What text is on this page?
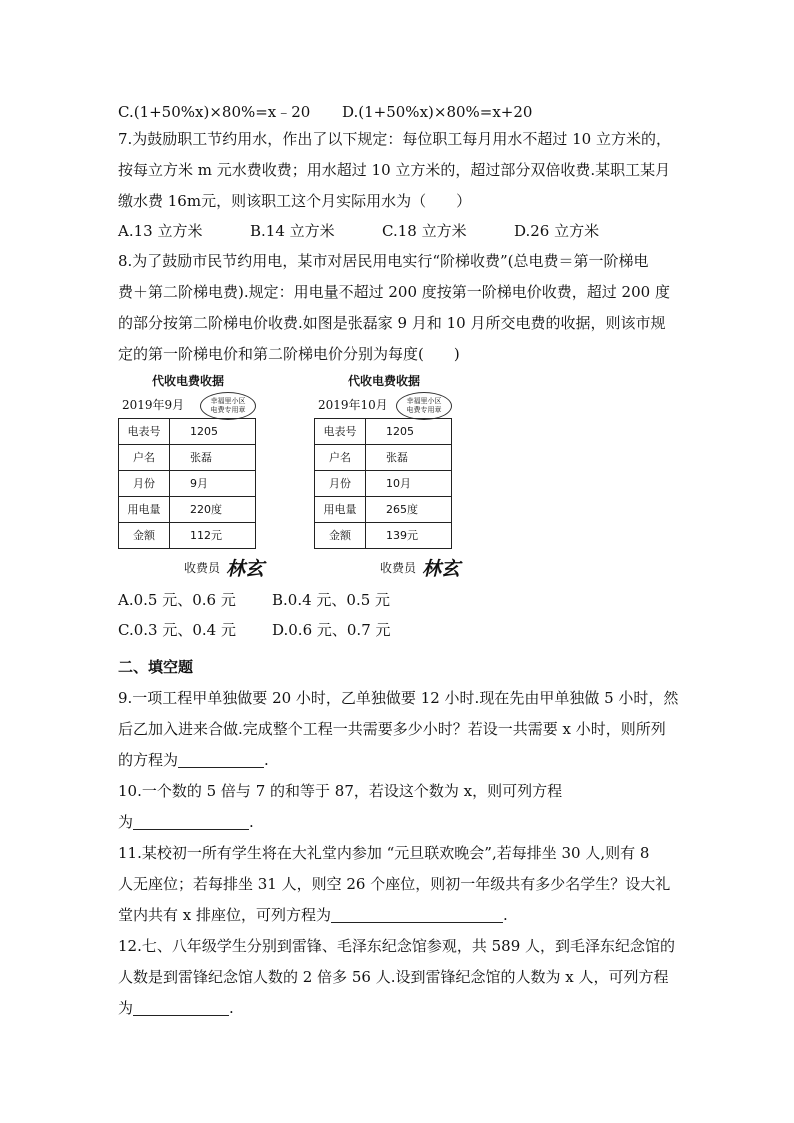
C.(1+50%x)×80%=x﹣20 D.(1+50%x)×80%=x+20
7.为鼓励职工节约用水，作出了以下规定：每位职工每月用水不超过 10 立方米的，
按每立方米 m 元水费收费；用水超过 10 立方米的，超过部分双倍收费.某职工某月
缴水费 16m元，则该职工这个月实际用水为（　　）
A.13 立方米	B.14 立方米	C.18 立方米	D.26 立方米
8.为了鼓励市民节约用电，某市对居民用电实行“阶梯收费”(总电费＝第一阶梯电
费＋第二阶梯电费).规定：用电量不超过 200 度按第一阶梯电价收费，超过 200 度
的部分按第二阶梯电价收费.如图是张磊家 9 月和 10 月所交电费的收据，则该市规
定的第一阶梯电价和第二阶梯电价分别为每度(　　)
代收电费收据
2019年9月	幸福里小区
电费专用章
电表号	1205
户名	张磊
月份	9月
用电量	220度
金额	112元
收费员 林玄
代收电费收据
2019年10月	幸福里小区
电费专用章
电表号	1205
户名	张磊
月份	10月
用电量	265度
金额	139元
收费员 林玄
A.0.5 元、0.6 元 B.0.4 元、0.5 元
C.0.3 元、0.4 元 D.0.6 元、0.7 元
二、填空题
9.一项工程甲单独做要 20 小时，乙单独做要 12 小时.现在先由甲单独做 5 小时，然
后乙加入进来合做.完成整个工程一共需要多少小时？若设一共需要 x 小时，则所列
的方程为	.
10.一个数的 5 倍与 7 的和等于 87，若设这个数为 x，则可列方程
为	.
11.某校初一所有学生将在大礼堂内参加 “元旦联欢晚会”,若每排坐 30 人,则有 8
人无座位；若每排坐 31 人，则空 26 个座位，则初一年级共有多少名学生？设大礼
堂内共有 x 排座位，可列方程为	.
12.七、八年级学生分别到雷锋、毛泽东纪念馆参观，共 589 人，到毛泽东纪念馆的
人数是到雷锋纪念馆人数的 2 倍多 56 人.设到雷锋纪念馆的人数为 x 人，可列方程
为	.
